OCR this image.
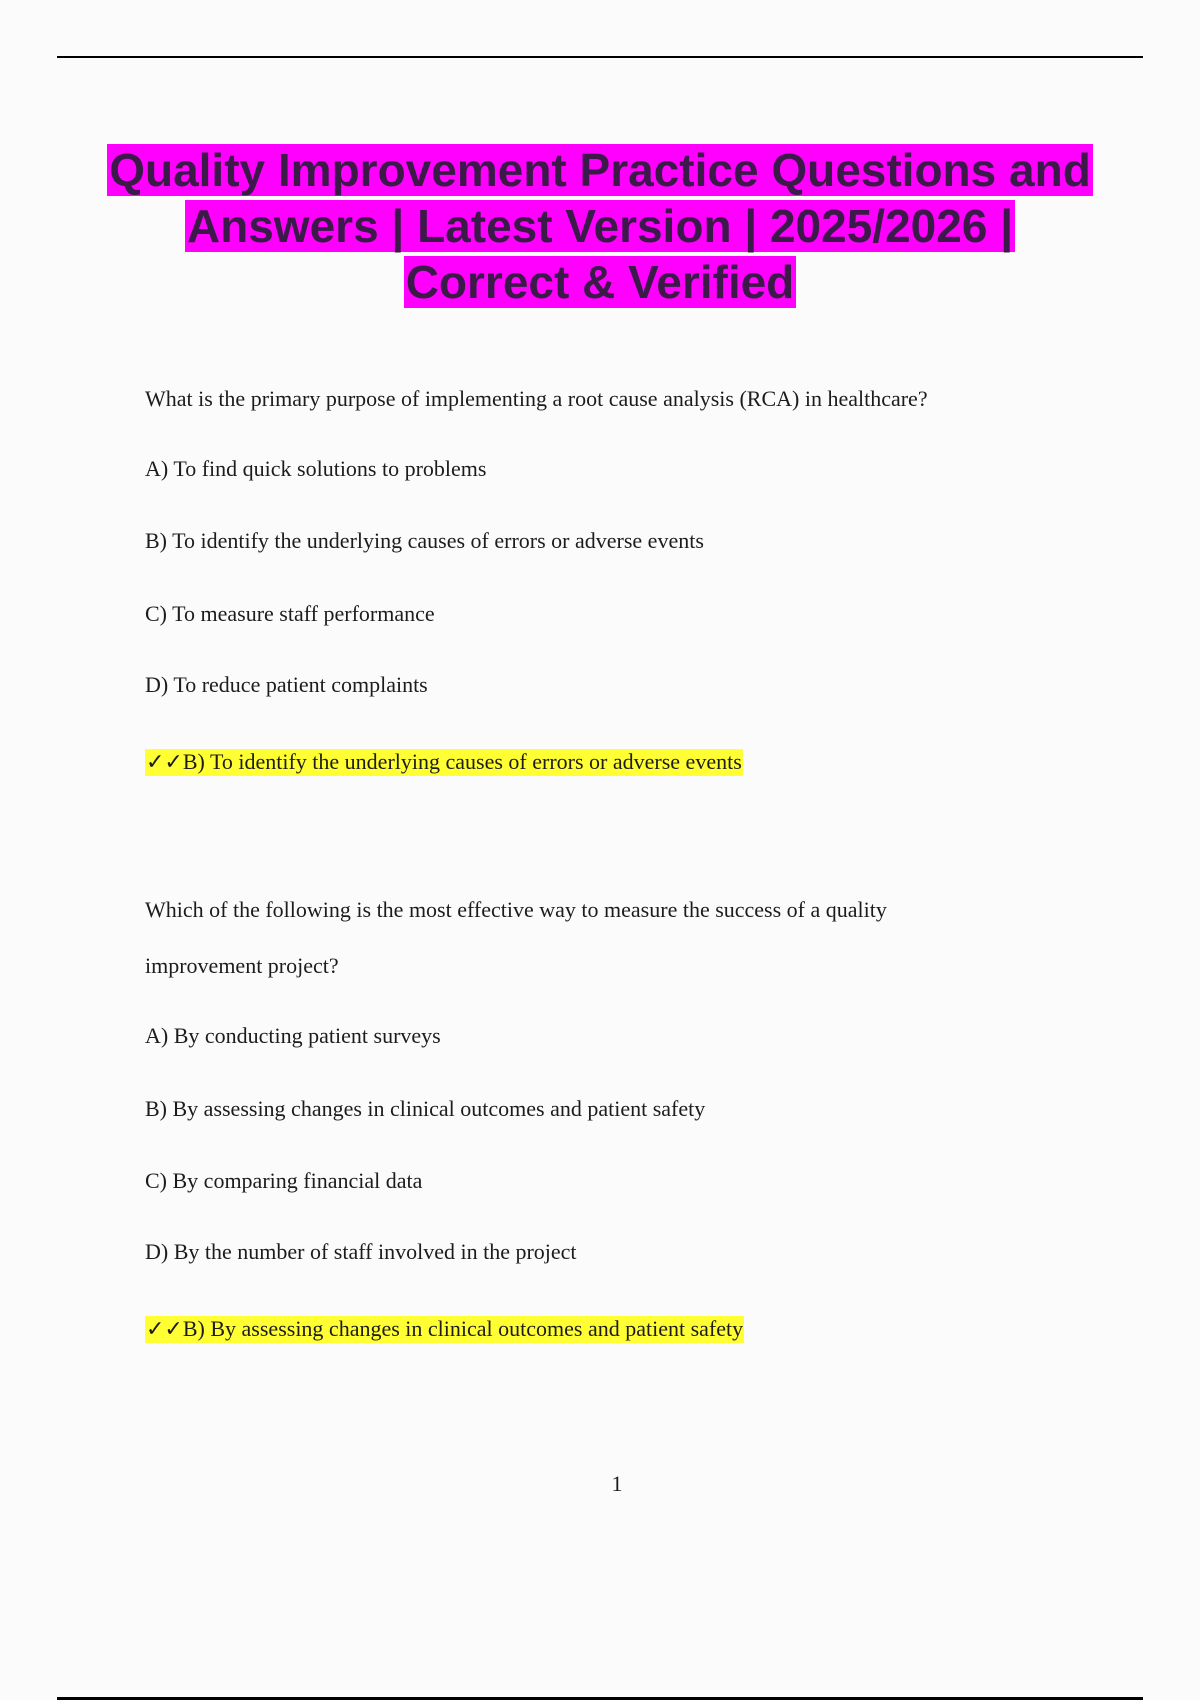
Quality Improvement Practice Questions and Answers | Latest Version | 2025/2026 | Correct & Verified
What is the primary purpose of implementing a root cause analysis (RCA) in healthcare?
A) To find quick solutions to problems
B) To identify the underlying causes of errors or adverse events
C) To measure staff performance
D) To reduce patient complaints
✓✓B) To identify the underlying causes of errors or adverse events
Which of the following is the most effective way to measure the success of a quality
improvement project?
A) By conducting patient surveys
B) By assessing changes in clinical outcomes and patient safety
C) By comparing financial data
D) By the number of staff involved in the project
✓✓B) By assessing changes in clinical outcomes and patient safety
1
